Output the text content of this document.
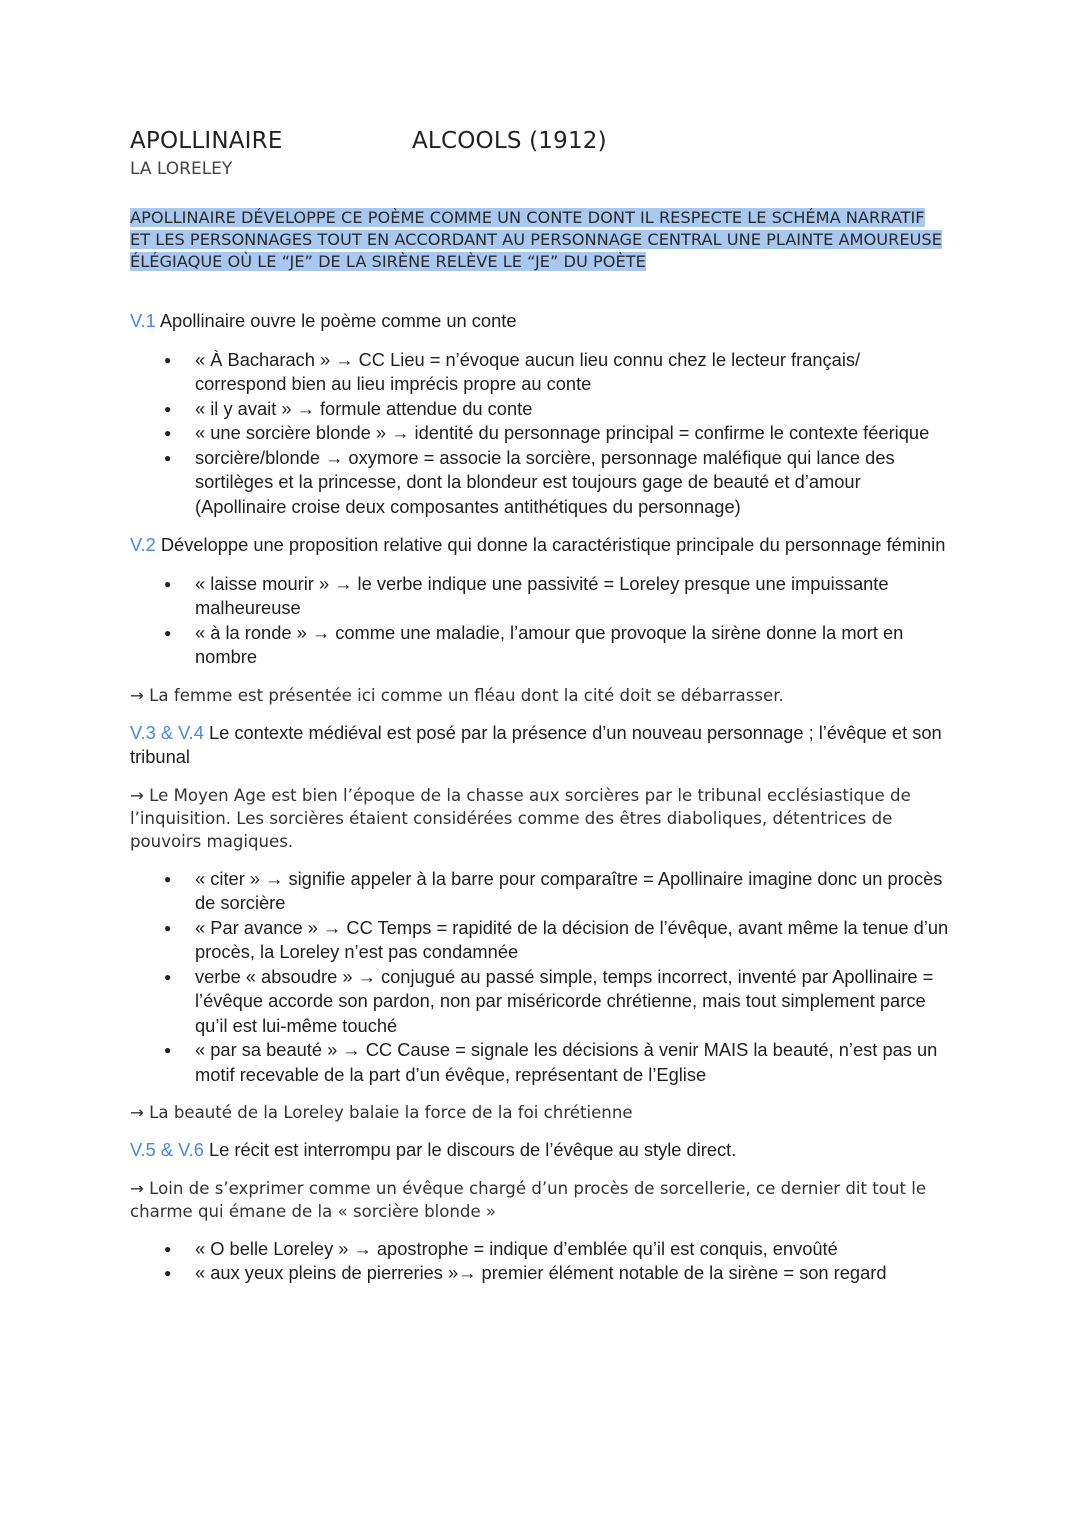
APOLLINAIRE	ALCOOLS (1912)
LA LORELEY
APOLLINAIRE DÉVELOPPE CE POÈME COMME UN CONTE DONT IL RESPECTE LE SCHÉMA NARRATIF ET LES PERSONNAGES TOUT EN ACCORDANT AU PERSONNAGE CENTRAL UNE PLAINTE AMOUREUSE ÉLÉGIAQUE OÙ LE “JE” DE LA SIRÈNE RELÈVE LE “JE” DU POÈTE

V.1 Apollinaire ouvre le poème comme un conte

● « À Bacharach » → CC Lieu = n’évoque aucun lieu connu chez le lecteur français/ correspond bien au lieu imprécis propre au conte
● « il y avait » → formule attendue du conte
● « une sorcière blonde » → identité du personnage principal = confirme le contexte féerique
● sorcière/blonde → oxymore = associe la sorcière, personnage maléfique qui lance des sortilèges et la princesse, dont la blondeur est toujours gage de beauté et d’amour (Apollinaire croise deux composantes antithétiques du personnage)

V.2 Développe une proposition relative qui donne la caractéristique principale du personnage féminin

● « laisse mourir » → le verbe indique une passivité = Loreley presque une impuissante malheureuse
● « à la ronde » → comme une maladie, l’amour que provoque la sirène donne la mort en nombre

→ La femme est présentée ici comme un fléau dont la cité doit se débarrasser.

V.3 & V.4 Le contexte médiéval est posé par la présence d’un nouveau personnage ; l’évêque et son tribunal

→ Le Moyen Age est bien l’époque de la chasse aux sorcières par le tribunal ecclésiastique de l’inquisition. Les sorcières étaient considérées comme des êtres diaboliques, détentrices de pouvoirs magiques.

● « citer » → signifie appeler à la barre pour comparaître = Apollinaire imagine donc un procès de sorcière
● « Par avance » → CC Temps = rapidité de la décision de l’évêque, avant même la tenue d’un procès, la Loreley n’est pas condamnée
● verbe « absoudre » → conjugué au passé simple, temps incorrect, inventé par Apollinaire = l’évêque accorde son pardon, non par miséricorde chrétienne, mais tout simplement parce qu’il est lui-même touché
● « par sa beauté » → CC Cause = signale les décisions à venir MAIS la beauté, n’est pas un motif recevable de la part d’un évêque, représentant de l’Eglise

→ La beauté de la Loreley balaie la force de la foi chrétienne

V.5 & V.6 Le récit est interrompu par le discours de l’évêque au style direct.

→ Loin de s’exprimer comme un évêque chargé d’un procès de sorcellerie, ce dernier dit tout le charme qui émane de la « sorcière blonde »

● « O belle Loreley » → apostrophe = indique d’emblée qu’il est conquis, envoûté
● « aux yeux pleins de pierreries »→ premier élément notable de la sirène = son regard
